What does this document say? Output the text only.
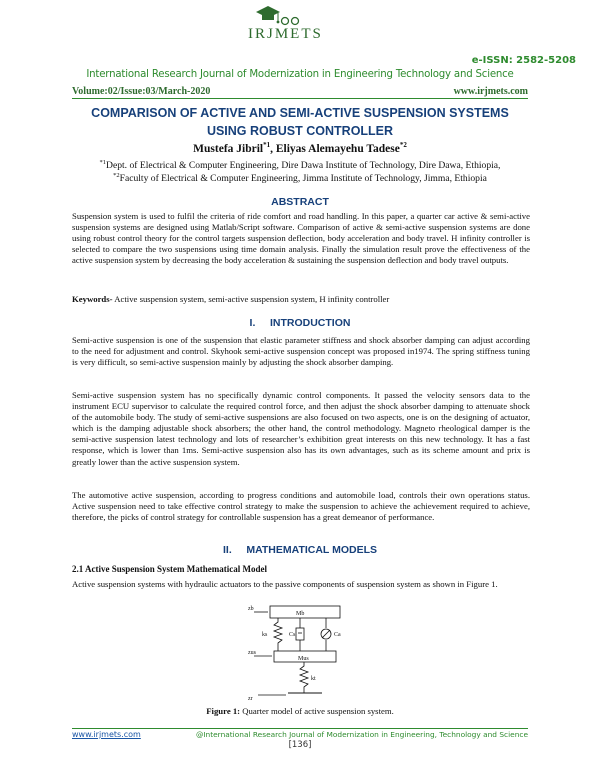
IRJMETS
e-ISSN: 2582-5208
International Research Journal of Modernization in Engineering Technology and Science
Volume:02/Issue:03/March-2020	www.irjmets.com
COMPARISON OF ACTIVE AND SEMI-ACTIVE SUSPENSION SYSTEMS
USING ROBUST CONTROLLER
Mustefa Jibril$^{*1}$, Eliyas Alemayehu Tadese$^{*2}$
$^{*1}$Dept. of Electrical & Computer Engineering, Dire Dawa Institute of Technology, Dire Dawa, Ethiopia,
$^{*2}$Faculty of Electrical & Computer Engineering, Jimma Institute of Technology, Jimma, Ethiopia
ABSTRACT
Suspension system is used to fulfil the criteria of ride comfort and road handling. In this paper, a quarter car active & semi-active suspension systems are designed using Matlab/Script software. Comparison of active & semi-active suspension systems are done using robust control theory for the control targets suspension deflection, body acceleration and body travel. H infinity controller is selected to compare the two suspensions using time domain analysis. Finally the simulation result prove the effectiveness of the active suspension system by decreasing the body acceleration & sustaining the suspension deflection and body travel outputs.
Keywords- Active suspension system, semi-active suspension system, H infinity controller
I.     INTRODUCTION
Semi-active suspension is one of the suspension that elastic parameter stiffness and shock absorber damping can adjust according to the need for adjustment and control. Skyhook semi-active suspension concept was proposed in1974. The spring stiffness tuning is very difficult, so semi-active suspension mainly by adjusting the shock absorber damping.
Semi-active suspension system has no specifically dynamic control components. It passed the velocity sensors data to the instrument ECU supervisor to calculate the required control force, and then adjust the shock absorber damping to attenuate shock of the automobile body. The study of semi-active suspensions are also focused on two aspects, one is on the designing of actuator, which is the damping adjustable shock absorbers; the other hand, the control methodology. Magneto rheological damper is the semi-active suspension latest technology and lots of researcher’s exhibition great interests on this new technology. It has a fast response, which is lower than 1ms. Semi-active suspension also has its own advantages, such as its scheme amount and prix is greatly lower than the active suspension system.
The automotive active suspension, according to progress conditions and automobile load, controls their own operations status. Active suspension need to take effective control strategy to make the suspension to achieve the achievement required to achieve, therefore, the picks of control strategy for controllable suspension has a great demeanor of performance.
II.     MATHEMATICAL MODELS
2.1 Active Suspension System Mathematical Model
Active suspension systems with hydraulic actuators to the passive components of suspension system as shown in Figure 1.
Mb
Mus
ks	Cs	Ca
kt
zb
zus
zr
Figure 1: Quarter model of active suspension system.
www.irjmets.com	@International Research Journal of Modernization in Engineering, Technology and Science
[136]
